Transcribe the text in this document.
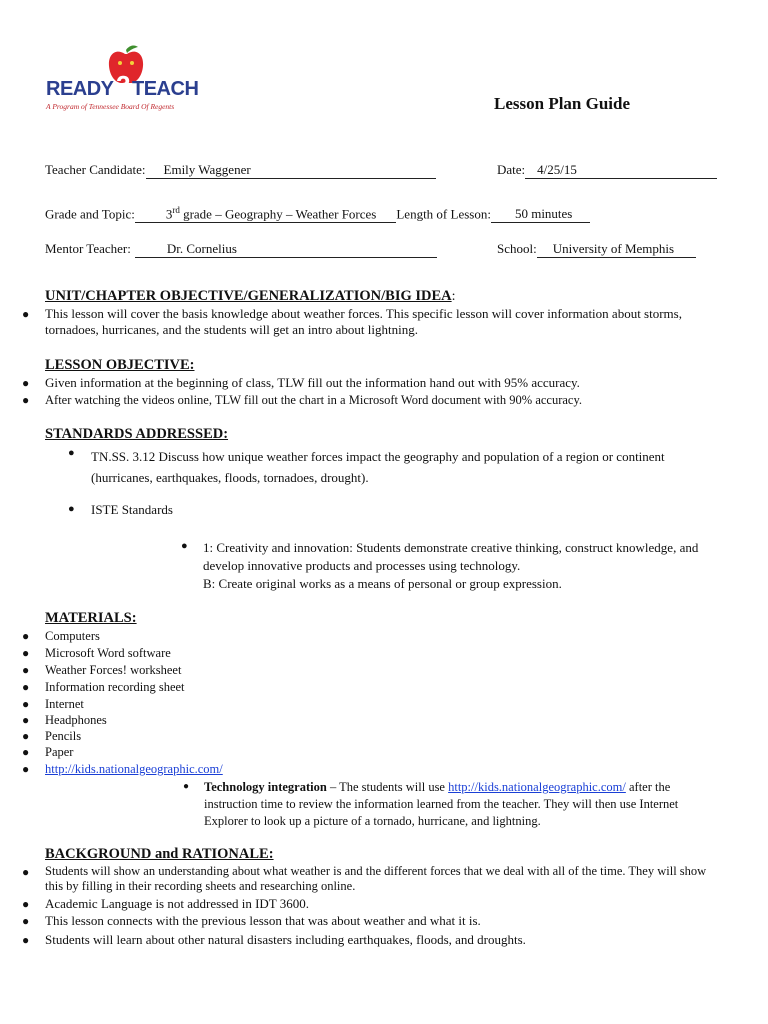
READY 2 TEACH
A Program of Tennessee Board Of Regents	Lesson Plan Guide
Teacher Candidate: Emily Waggener	Date: 4/25/15
Grade and Topic: 3rd grade – Geography – Weather Forces Length of Lesson: 50 minutes
Mentor Teacher:	Dr. Cornelius	School: University of Memphis
UNIT/CHAPTER OBJECTIVE/GENERALIZATION/BIG IDEA:
● This lesson will cover the basis knowledge about weather forces. This specific lesson will cover information about storms, tornadoes, hurricanes, and the students will get an intro about lightning.
LESSON OBJECTIVE:
● Given information at the beginning of class, TLW fill out the information hand out with 95% accuracy.
● After watching the videos online, TLW fill out the chart in a Microsoft Word document with 90% accuracy.
STANDARDS ADDRESSED:
● TN.SS. 3.12 Discuss how unique weather forces impact the geography and population of a region or continent (hurricanes, earthquakes, floods, tornadoes, drought).
● ISTE Standards
● 1: Creativity and innovation: Students demonstrate creative thinking, construct knowledge, and develop innovative products and processes using technology.
B: Create original works as a means of personal or group expression.
MATERIALS:
● Computers
● Microsoft Word software
● Weather Forces! worksheet
● Information recording sheet
● Internet
● Headphones
● Pencils
● Paper
● http://kids.nationalgeographic.com/
● Technology integration – The students will use http://kids.nationalgeographic.com/ after the instruction time to review the information learned from the teacher. They will then use Internet Explorer to look up a picture of a tornado, hurricane, and lightning.
BACKGROUND and RATIONALE:
● Students will show an understanding about what weather is and the different forces that we deal with all of the time. They will show this by filling in their recording sheets and researching online.
● Academic Language is not addressed in IDT 3600.
● This lesson connects with the previous lesson that was about weather and what it is.
● Students will learn about other natural disasters including earthquakes, floods, and droughts.
